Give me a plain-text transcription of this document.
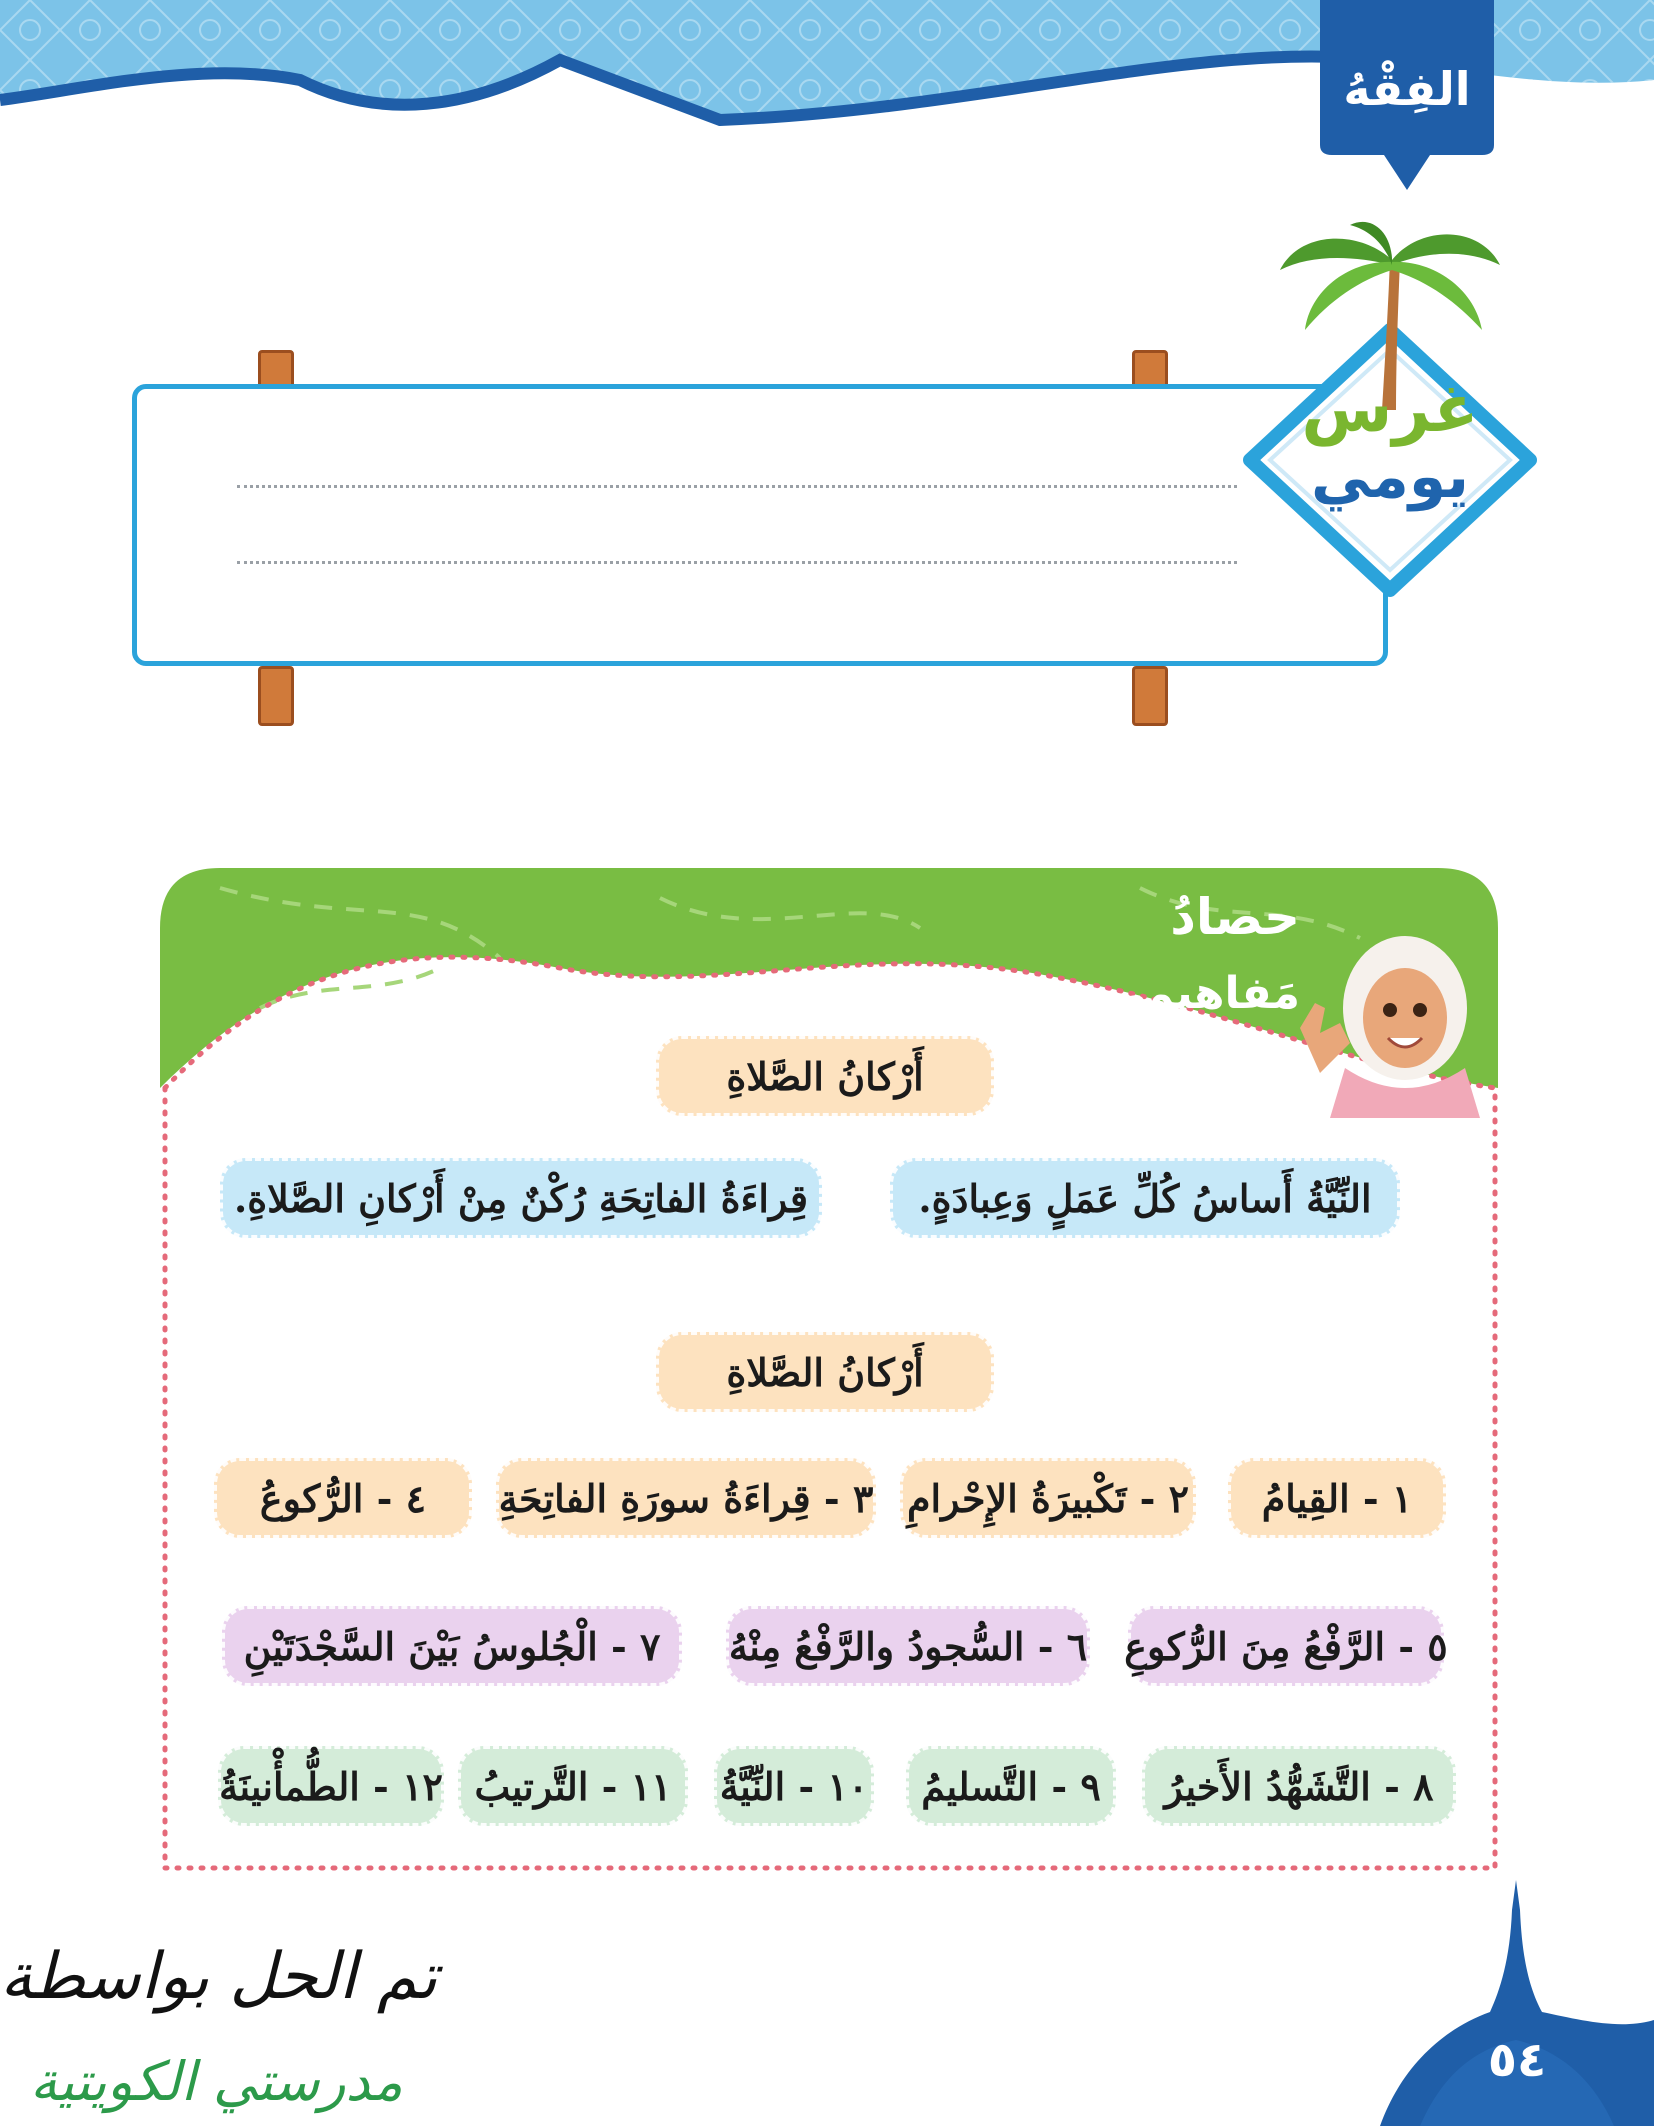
الفِقْهُ
غرس
يومي
حصادُ
مَفاهيمي
أَرْكانُ الصَّلاةِ
النِّيَّةُ أَساسُ كُلِّ عَمَلٍ وَعِبادَةٍ.
قِراءَةُ الفاتِحَةِ رُكْنٌ مِنْ أَرْكانِ الصَّلاةِ.
أَرْكانُ الصَّلاةِ
١ - القِيامُ
٢ - تَكْبيرَةُ الإِحْرامِ
٣ - قِراءَةُ سورَةِ الفاتِحَةِ
٤ - الرُّكوعُ
٥ - الرَّفْعُ مِنَ الرُّكوعِ
٦ - السُّجودُ والرَّفْعُ مِنْهُ
٧ - الْجُلوسُ بَيْنَ السَّجْدَتَيْنِ
٨ - التَّشَهُّدُ الأَخيرُ
٩ - التَّسليمُ
١٠ - النِّيَّةُ
١١ - التَّرتيبُ
١٢ - الطُّمأْنينَةُ
تم الحل بواسطة
مدرستي الكويتية	٥٤
